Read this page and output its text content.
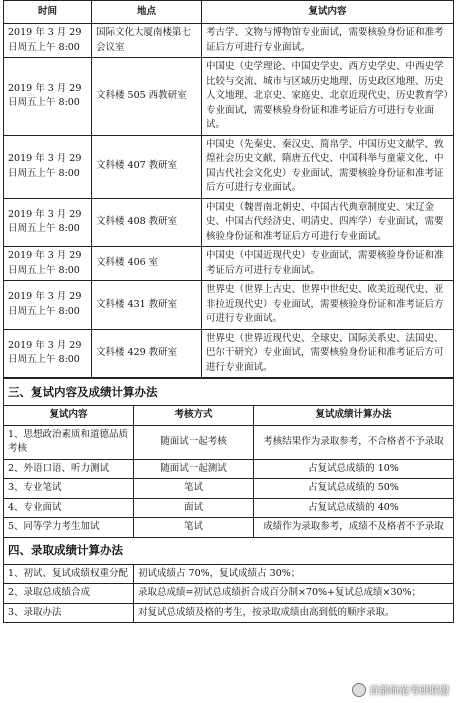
时间	地点	复试内容
2019 年 3 月 29 日周五上午 8:00	国际文化大厦南楼第七会议室	考古学、文物与博物馆专业面试，需要核验身份证和准考证后方可进行专业面试。
2019 年 3 月 29 日周五上午 8:00	文科楼 505 西教研室	中国史（史学理论、中国史学史、西方史学史、中西史学比较与交流、城市与区域历史地理、历史政区地理、历史人文地理、北京史、家庭史、北京近现代史、历史教育学）专业面试，需要核验身份证和准考证后方可进行专业面试。
2019 年 3 月 29 日周五上午 8:00	文科楼 407 教研室	中国史（先秦史、秦汉史、简帛学、中国历史文献学、敦煌社会历史文献、隋唐五代史、中国科举与童蒙文化、中国古代社会文化史）专业面试，需要核验身份证和准考证后方可进行专业面试。
2019 年 3 月 29 日周五上午 8:00	文科楼 408 教研室	中国史（魏晋南北朝史、中国古代典章制度史、宋辽金史、中国古代经济史、明清史、四库学）专业面试，需要核验身份证和准考证后方可进行专业面试。
2019 年 3 月 29 日周五上午 8:00	文科楼 406 室	中国史（中国近现代史）专业面试，需要核验身份证和准考证后方可进行专业面试。
2019 年 3 月 29 日周五上午 8:00	文科楼 431 教研室	世界史（世界上古史、世界中世纪史、欧美近现代史、亚非拉近现代史）专业面试，需要核验身份证和准考证后方可进行专业面试。
2019 年 3 月 29 日周五上午 8:00	文科楼 429 教研室	世界史（世界近现代史、全球史、国际关系史、法国史、巴尔干研究）专业面试，需要核验身份证和准考证后方可进行专业面试。
三、复试内容及成绩计算办法		
复试内容	考核方式	复试成绩计算办法
1、思想政治素质和道德品质考核	随面试一起考核	考核结果作为录取参考，不合格者不予录取
2、外语口语、听力测试	随面试一起测试	占复试总成绩的 10%
3、专业笔试	笔试	占复试总成绩的 50%
4、专业面试	面试	占复试总成绩的 40%
5、同等学力考生加试	笔试	成绩作为录取参考，成绩不及格者不予录取
四、录取成绩计算办法		
1、初试、复试成绩权重分配	初试成绩占 70%，复试成绩占 30%；	
2、录取总成绩合成	录取总成绩=初试总成绩折合成百分制×70%+复试总成绩×30%；	
3、录取办法	对复试总成绩及格的考生，按录取成绩由高到低的顺序录取。	
首都师范考研联盟
